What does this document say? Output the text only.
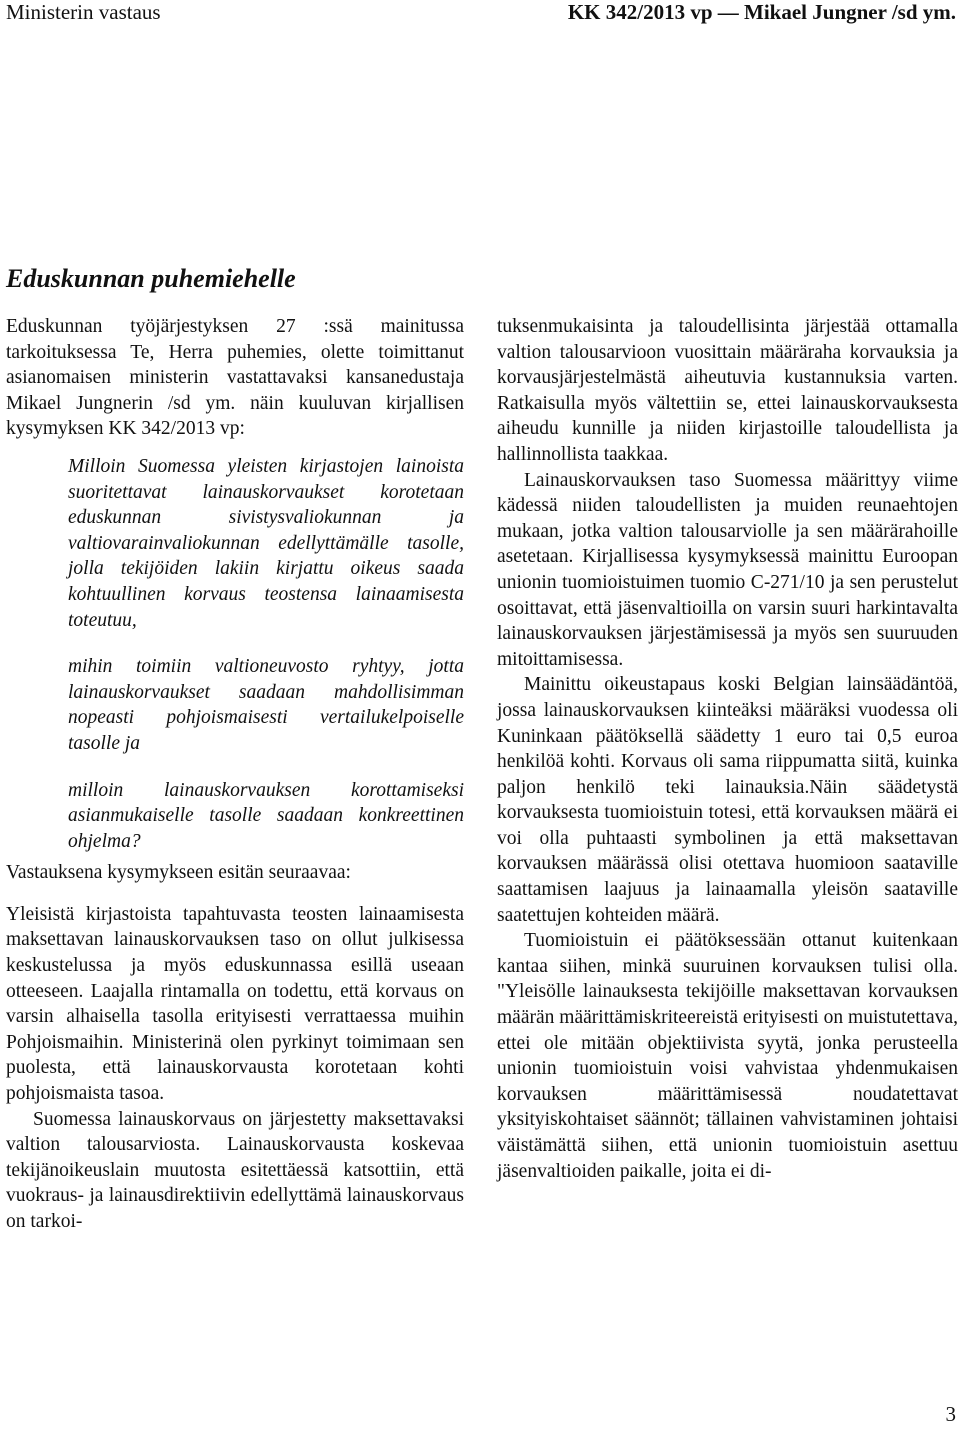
Ministerin vastaus	KK 342/2013 vp — Mikael Jungner /sd ym.
Eduskunnan puhemiehelle

Eduskunnan työjärjestyksen 27 :ssä mainitussa tarkoituksessa Te, Herra puhemies, olette toimittanut asianomaisen ministerin vastattavaksi kansanedustaja Mikael Jungnerin /sd ym. näin kuuluvan kirjallisen kysymyksen KK 342/2013 vp:

Milloin Suomessa yleisten kirjastojen lainoista suoritettavat lainauskorvaukset korotetaan eduskunnan sivistysvaliokunnan ja valtiovarainvaliokunnan edellyttämälle tasolle, jolla tekijöiden lakiin kirjattu oikeus saada kohtuullinen korvaus teostensa lainaamisesta toteutuu,

mihin toimiin valtioneuvosto ryhtyy, jotta lainauskorvaukset saadaan mahdollisimman nopeasti pohjoismaisesti vertailukelpoiselle tasolle ja

milloin lainauskorvauksen korottamiseksi asianmukaiselle tasolle saadaan konkreettinen ohjelma?

Vastauksena kysymykseen esitän seuraavaa:

Yleisistä kirjastoista tapahtuvasta teosten lainaamisesta maksettavan lainauskorvauksen taso on ollut julkisessa keskustelussa ja myös eduskunnassa esillä useaan otteeseen. Laajalla rintamalla on todettu, että korvaus on varsin alhaisella tasolla erityisesti verrattaessa muihin Pohjoismaihin. Ministerinä olen pyrkinyt toimimaan sen puolesta, että lainauskorvausta korotetaan kohti pohjoismaista tasoa.

Suomessa lainauskorvaus on järjestetty maksettavaksi valtion talousarviosta. Lainauskorvausta koskevaa tekijänoikeuslain muutosta esitettäessä katsottiin, että vuokraus- ja lainausdirektiivin edellyttämä lainauskorvaus on tarkoi-

tuksenmukaisinta ja taloudellisinta järjestää ottamalla valtion talousarvioon vuosittain määräraha korvauksia ja korvausjärjestelmästä aiheutuvia kustannuksia varten. Ratkaisulla myös vältettiin se, ettei lainauskorvauksesta aiheudu kunnille ja niiden kirjastoille taloudellista ja hallinnollista taakkaa.

Lainauskorvauksen taso Suomessa määrittyy viime kädessä niiden taloudellisten ja muiden reunaehtojen mukaan, jotka valtion talousarviolle ja sen määrärahoille asetetaan. Kirjallisessa kysymyksessä mainittu Euroopan unionin tuomioistuimen tuomio C-271/10 ja sen perustelut osoittavat, että jäsenvaltioilla on varsin suuri harkintavalta lainauskorvauksen järjestämisessä ja myös sen suuruuden mitoittamisessa.

Mainittu oikeustapaus koski Belgian lainsäädäntöä, jossa lainauskorvauksen kiinteäksi määräksi vuodessa oli Kuninkaan päätöksellä säädetty 1 euro tai 0,5 euroa henkilöä kohti. Korvaus oli sama riippumatta siitä, kuinka paljon henkilö teki lainauksia.Näin säädetystä korvauksesta tuomioistuin totesi, että korvauksen määrä ei voi olla puhtaasti symbolinen ja että maksettavan korvauksen määrässä olisi otettava huomioon saataville saattamisen laajuus ja lainaamalla yleisön saataville saatettujen kohteiden määrä.

Tuomioistuin ei päätöksessään ottanut kuitenkaan kantaa siihen, minkä suuruinen korvauksen tulisi olla. "Yleisölle lainauksesta tekijöille maksettavan korvauksen määrän määrittämiskriteereistä erityisesti on muistutettava, ettei ole mitään objektiivista syytä, jonka perusteella unionin tuomioistuin voisi vahvistaa yhdenmukaisen korvauksen määrittämisessä noudatettavat yksityiskohtaiset säännöt; tällainen vahvistaminen johtaisi väistämättä siihen, että unionin tuomioistuin asettuu jäsenvaltioiden paikalle, joita ei di-

3
